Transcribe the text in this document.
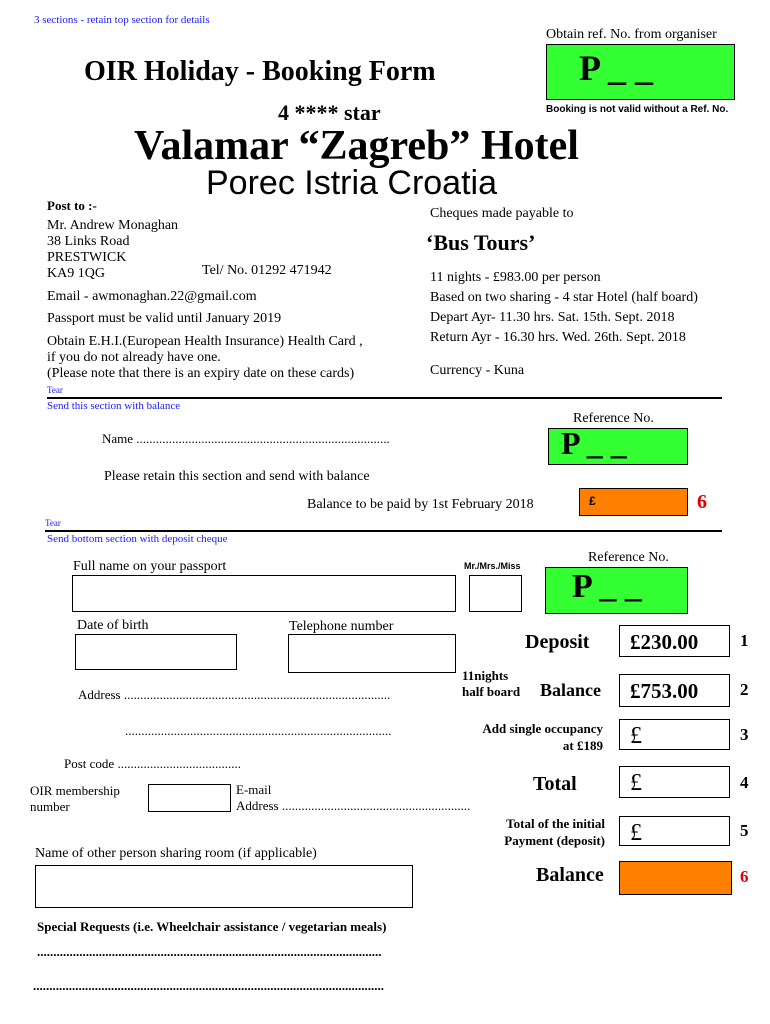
3 sections - retain top section for details
Obtain ref. No. from organiser
P _ _
Booking is not valid without a Ref. No.
OIR Holiday - Booking Form
4 **** star
Valamar “Zagreb” Hotel
Porec Istria Croatia
Post to :-
Mr. Andrew Monaghan
38 Links Road
PRESTWICK
KA9 1QG	Tel/ No. 01292 471942
Email - awmonaghan.22@gmail.com
Passport must be valid until January 2019
Obtain E.H.I.(European Health Insurance) Health Card ,
if you do not already have one.
(Please note that there is an expiry date on these cards)
Cheques made payable to
‘Bus Tours’
11 nights - £983.00 per person
Based on two sharing - 4 star Hotel (half board)
Depart Ayr- 11.30 hrs. Sat. 15th. Sept. 2018
Return Ayr - 16.30 hrs. Wed. 26th. Sept. 2018
Currency - Kuna
Tear
Send this section with balance
Reference No.
P _ _
Name ..............................................................................
Please retain this section and send with balance
Balance to be paid by 1st February 2018	£	6
Tear
Send bottom section with deposit cheque
Full name on your passport	Mr./Mrs./Miss
Reference No.
P _ _
Date of birth	Telephone number
Address ..................................................................................
..................................................................................
Post code ......................................
OIR membership
number
E-mail
Address ..........................................................
Name of other person sharing room (if applicable)
Special Requests (i.e. Wheelchair assistance / vegetarian meals)
..........................................................................................................
............................................................................................................
Deposit	£230.00	1
11nights
half board Balance	£753.00	2
Add single occupancy
at £189	£	3
Total	£	4
Total of the initial
Payment (deposit)	£	5
Balance	6
